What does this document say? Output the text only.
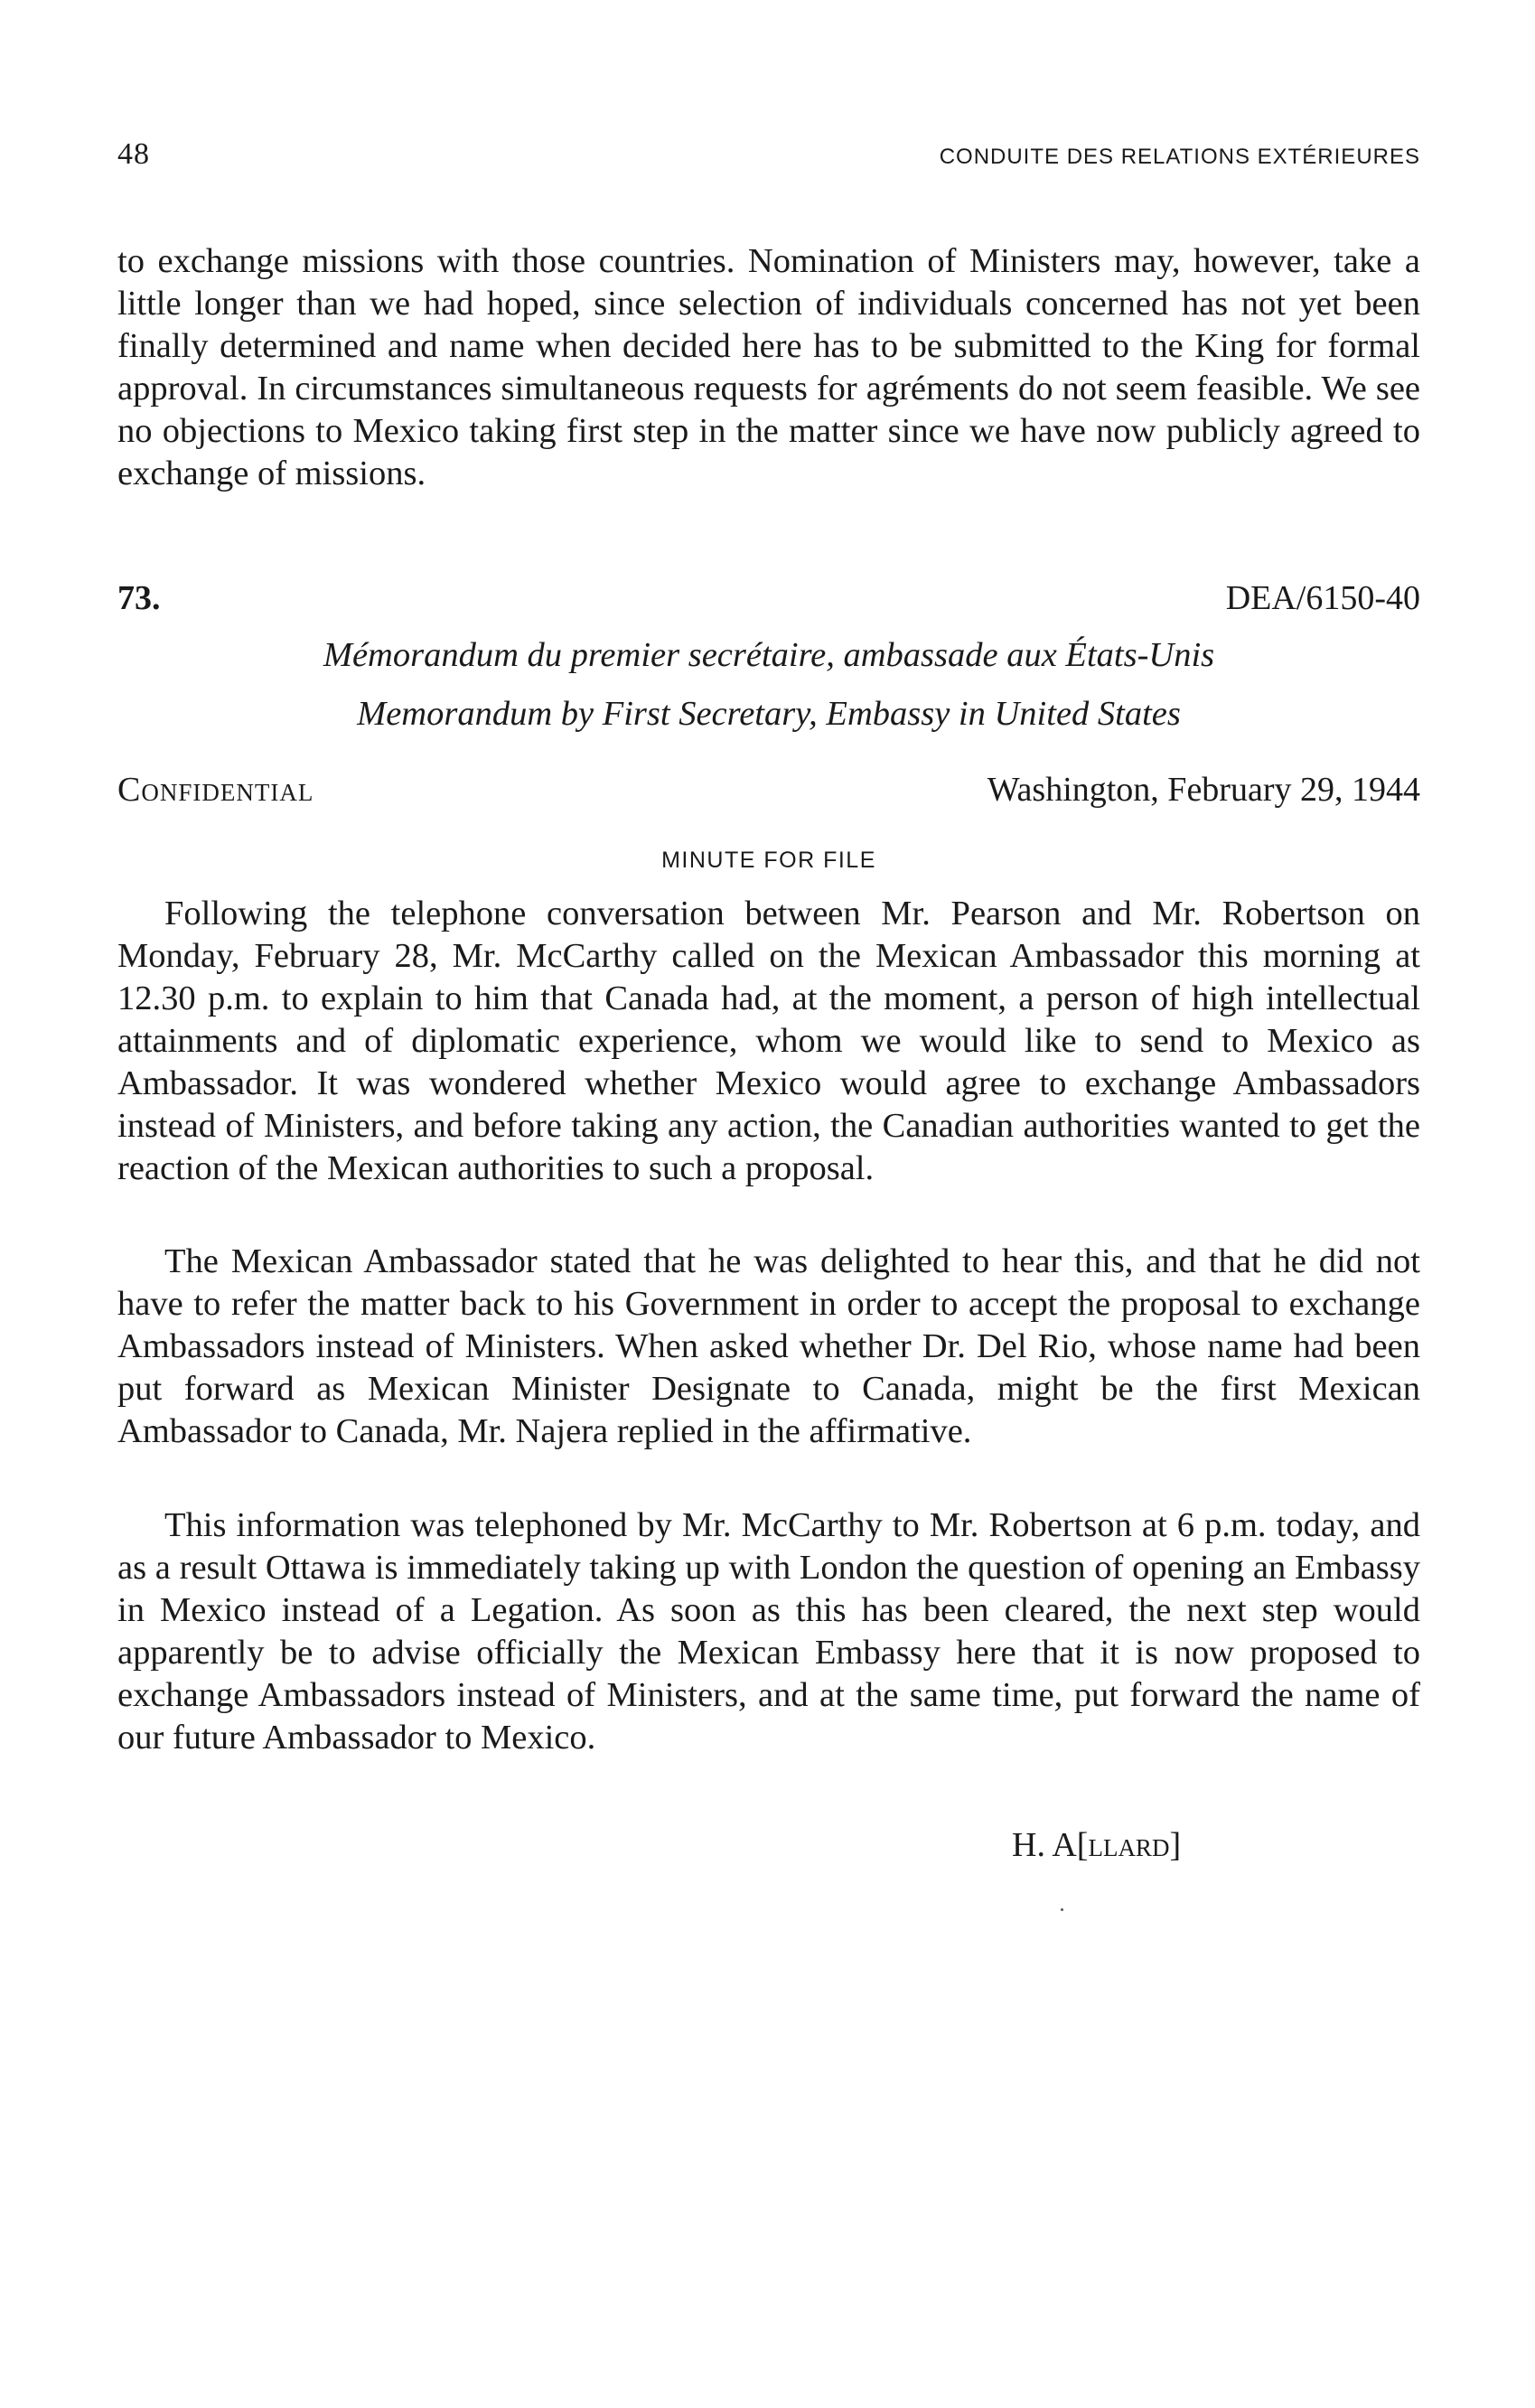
48	CONDUITE DES RELATIONS EXTÉRIEURES

to exchange missions with those countries. Nomination of Ministers may, however, take a little longer than we had hoped, since selection of individuals concerned has not yet been finally determined and name when decided here has to be submitted to the King for formal approval. In circumstances simultaneous requests for agréments do not seem feasible. We see no objections to Mexico taking first step in the matter since we have now publicly agreed to exchange of missions.

73.	DEA/6150-40
Mémorandum du premier secrétaire, ambassade aux États-Unis
Memorandum by First Secretary, Embassy in United States
Confidential	Washington, February 29, 1944
MINUTE FOR FILE

Following the telephone conversation between Mr. Pearson and Mr. Robertson on Monday, February 28, Mr. McCarthy called on the Mexican Ambassador this morning at 12.30 p.m. to explain to him that Canada had, at the moment, a person of high intellectual attainments and of diplomatic experience, whom we would like to send to Mexico as Ambassador. It was wondered whether Mexico would agree to exchange Ambassadors instead of Ministers, and before taking any action, the Canadian authorities wanted to get the reaction of the Mexican authorities to such a proposal.

The Mexican Ambassador stated that he was delighted to hear this, and that he did not have to refer the matter back to his Government in order to accept the proposal to exchange Ambassadors instead of Ministers. When asked whether Dr. Del Rio, whose name had been put forward as Mexican Minister Designate to Canada, might be the first Mexican Ambassador to Canada, Mr. Najera replied in the affirmative.

This information was telephoned by Mr. McCarthy to Mr. Robertson at 6 p.m. today, and as a result Ottawa is immediately taking up with London the question of opening an Embassy in Mexico instead of a Legation. As soon as this has been cleared, the next step would apparently be to advise officially the Mexican Embassy here that it is now proposed to exchange Ambassadors instead of Ministers, and at the same time, put forward the name of our future Ambassador to Mexico.

H. A[llard]
